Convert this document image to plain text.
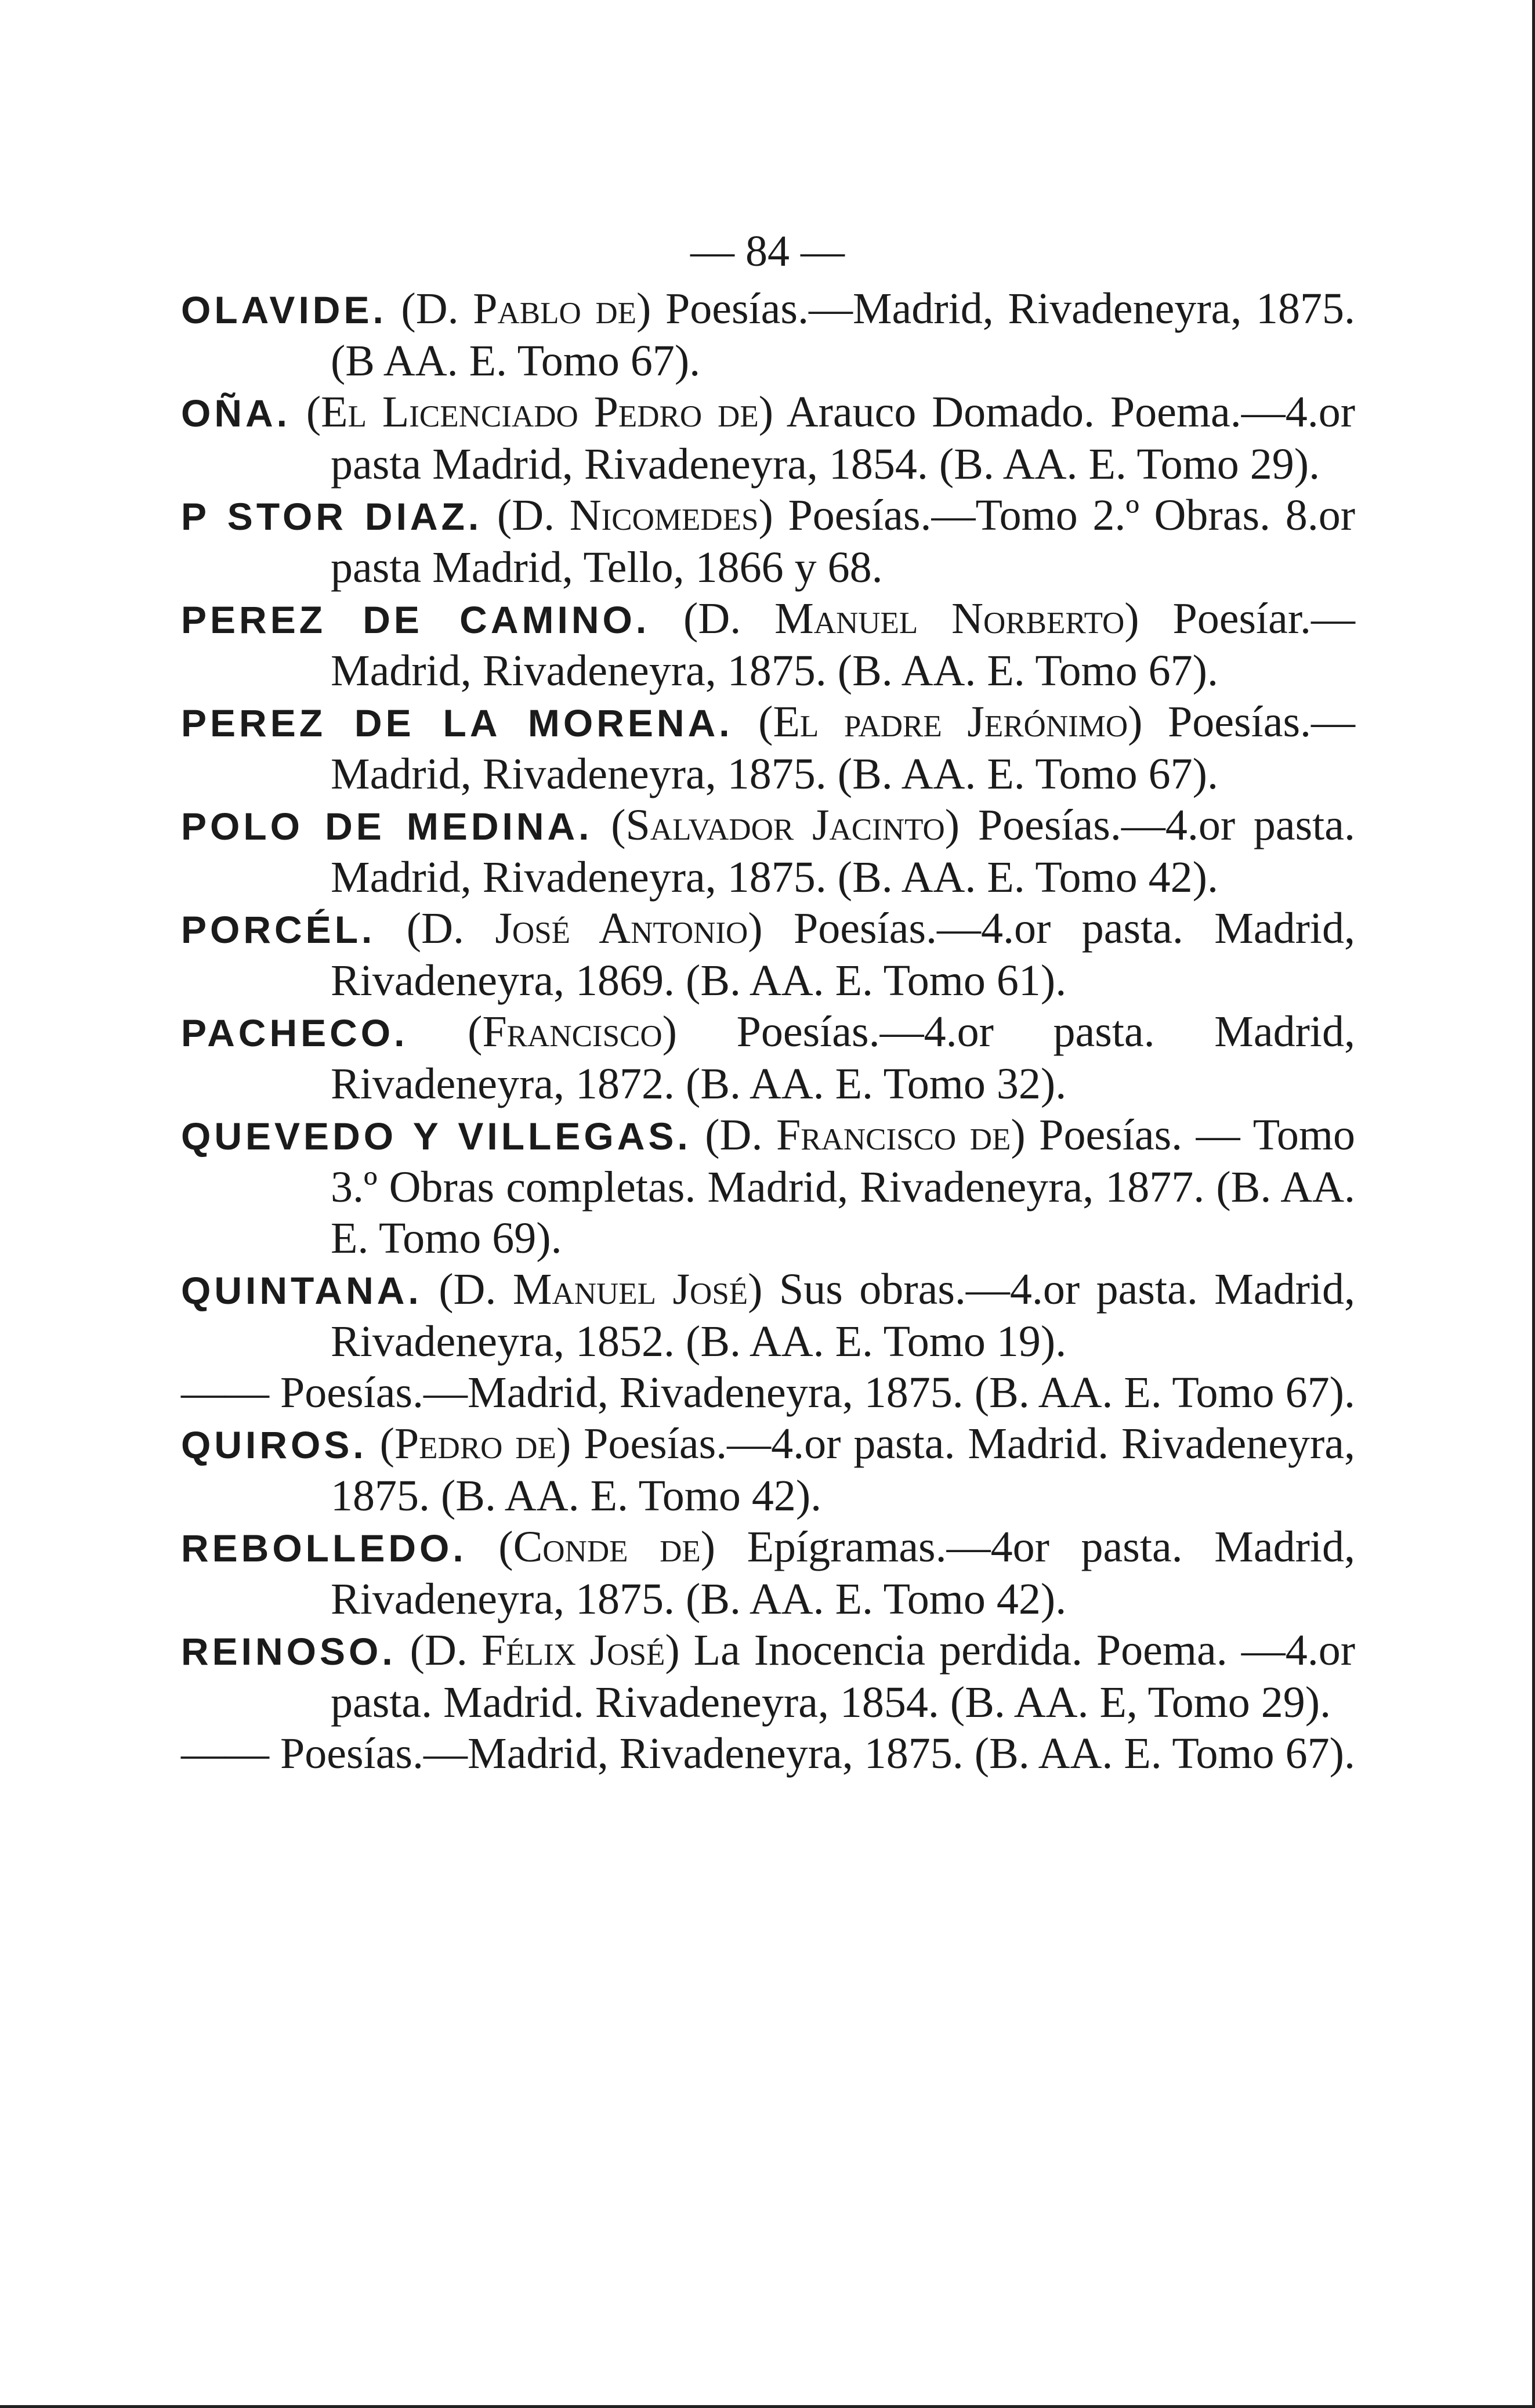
— 84 —

OLAVIDE. (D. Pablo de) Poesías.—Madrid, Rivadeneyra, 1875. (B AA. E. Tomo 67).

OÑA. (El Licenciado Pedro de) Arauco Domado. Poema.—4.or pasta Madrid, Rivadeneyra, 1854. (B. AA. E. Tomo 29).

P STOR DIAZ. (D. Nicomedes) Poesías.—Tomo 2.º Obras. 8.or pasta Madrid, Tello, 1866 y 68.

PEREZ DE CAMINO. (D. Manuel Norberto) Poesíar.—Madrid, Rivadeneyra, 1875. (B. AA. E. Tomo 67).

PEREZ DE LA MORENA. (El padre Jerónimo) Poesías.—Madrid, Rivadeneyra, 1875. (B. AA. E. Tomo 67).

POLO DE MEDINA. (Salvador Jacinto) Poesías.—4.or pasta. Madrid, Rivadeneyra, 1875. (B. AA. E. Tomo 42).

PORCÉL. (D. José Antonio) Poesías.—4.or pasta. Madrid, Rivadeneyra, 1869. (B. AA. E. Tomo 61).

PACHECO. (Francisco) Poesías.—4.or pasta. Madrid, Rivadeneyra, 1872. (B. AA. E. Tomo 32).

QUEVEDO Y VILLEGAS. (D. Francisco de) Poesías. — Tomo 3.º Obras completas. Madrid, Rivadeneyra, 1877. (B. AA. E. Tomo 69).

QUINTANA. (D. Manuel José) Sus obras.—4.or pasta. Madrid, Rivadeneyra, 1852. (B. AA. E. Tomo 19).

—— Poesías.—Madrid, Rivadeneyra, 1875. (B. AA. E. Tomo 67).

QUIROS. (Pedro de) Poesías.—4.or pasta. Madrid. Rivadeneyra, 1875. (B. AA. E. Tomo 42).

REBOLLEDO. (Conde de) Epígramas.—4or pasta. Madrid, Rivadeneyra, 1875. (B. AA. E. Tomo 42).

REINOSO. (D. Félix José) La Inocencia perdida. Poema. —4.or pasta. Madrid. Rivadeneyra, 1854. (B. AA. E, Tomo 29).

—— Poesías.—Madrid, Rivadeneyra, 1875. (B. AA. E. Tomo 67).
